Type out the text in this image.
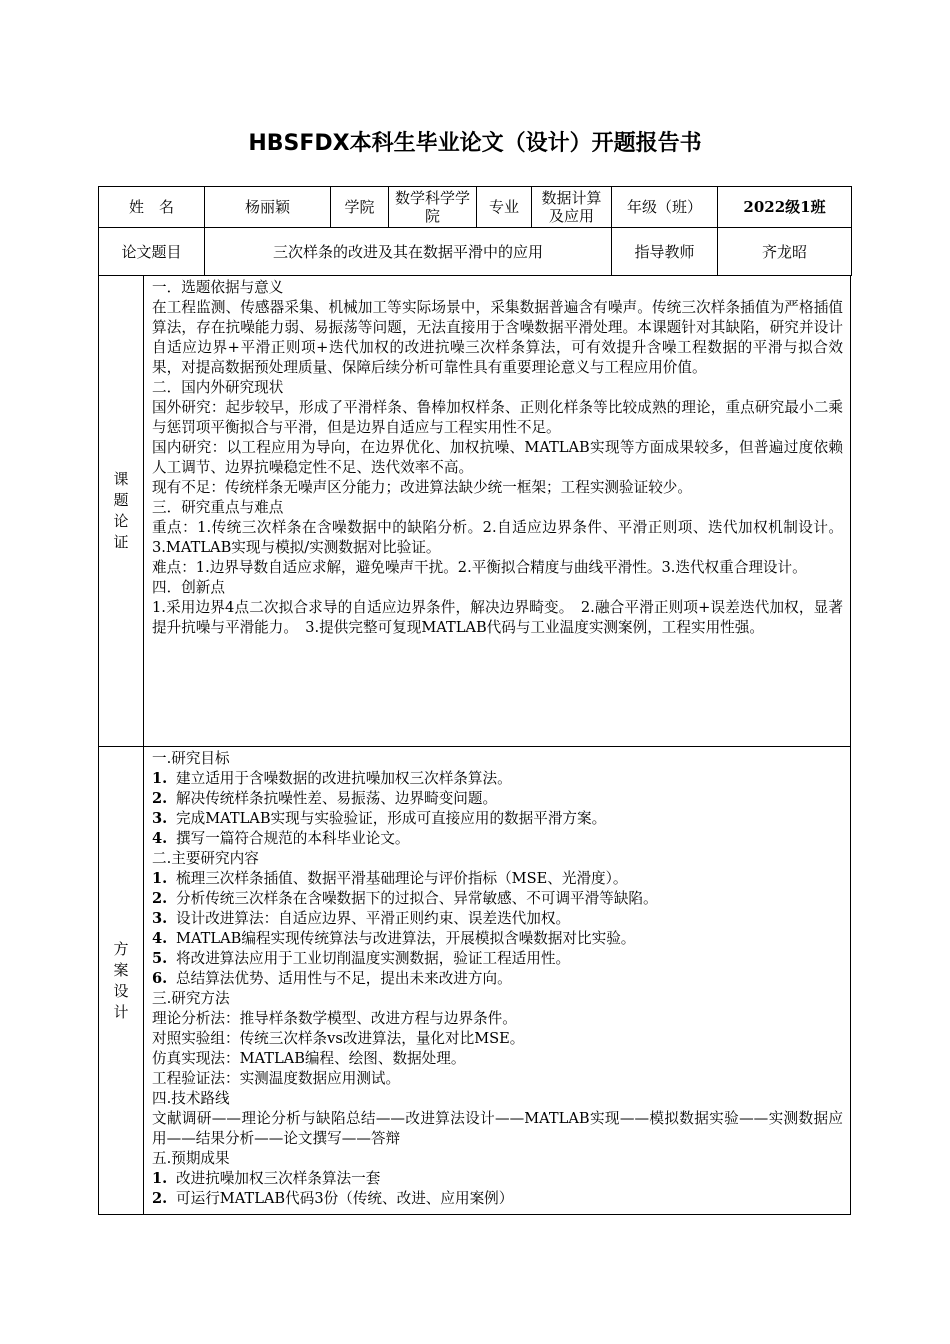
HBSFDX本科生毕业论文（设计）开题报告书
姓　名	杨丽颖	学院	数学科学学院	专业	数据计算及应用	年级（班）	2022级1班
论文题目	三次样条的改进及其在数据平滑中的应用					指导教师	齐龙昭
课
题
论
证

一．选题依据与意义

在工程监测、传感器采集、机械加工等实际场景中，采集数据普遍含有噪声。传统三次样条插值为严格插值算法，存在抗噪能力弱、易振荡等问题，无法直接用于含噪数据平滑处理。本课题针对其缺陷，研究并设计自适应边界+平滑正则项+迭代加权的改进抗噪三次样条算法，可有效提升含噪工程数据的平滑与拟合效果，对提高数据预处理质量、保障后续分析可靠性具有重要理论意义与工程应用价值。

二．国内外研究现状

国外研究：起步较早，形成了平滑样条、鲁棒加权样条、正则化样条等比较成熟的理论，重点研究最小二乘与惩罚项平衡拟合与平滑，但是边界自适应与工程实用性不足。

国内研究：以工程应用为导向，在边界优化、加权抗噪、MATLAB实现等方面成果较多，但普遍过度依赖人工调节、边界抗噪稳定性不足、迭代效率不高。

现有不足：传统样条无噪声区分能力；改进算法缺少统一框架；工程实测验证较少。

三．研究重点与难点

重点：1.传统三次样条在含噪数据中的缺陷分析。2.自适应边界条件、平滑正则项、迭代加权机制设计。3.MATLAB实现与模拟/实测数据对比验证。

难点：1.边界导数自适应求解，避免噪声干扰。2.平衡拟合精度与曲线平滑性。3.迭代权重合理设计。

四．创新点

1.采用边界4点二次拟合求导的自适应边界条件，解决边界畸变。　2.融合平滑正则项+误差迭代加权，显著提升抗噪与平滑能力。　3.提供完整可复现MATLAB代码与工业温度实测案例，工程实用性强。

方
案
设
计

一.研究目标

1. 建立适用于含噪数据的改进抗噪加权三次样条算法。
2. 解决传统样条抗噪性差、易振荡、边界畸变问题。
3. 完成MATLAB实现与实验验证，形成可直接应用的数据平滑方案。
4. 撰写一篇符合规范的本科毕业论文。

二.主要研究内容

1. 梳理三次样条插值、数据平滑基础理论与评价指标（MSE、光滑度）。
2. 分析传统三次样条在含噪数据下的过拟合、异常敏感、不可调平滑等缺陷。
3. 设计改进算法：自适应边界、平滑正则约束、误差迭代加权。
4. MATLAB编程实现传统算法与改进算法，开展模拟含噪数据对比实验。
5. 将改进算法应用于工业切削温度实测数据，验证工程适用性。
6. 总结算法优势、适用性与不足，提出未来改进方向。

三.研究方法

理论分析法：推导样条数学模型、改进方程与边界条件。

对照实验组：传统三次样条vs改进算法，量化对比MSE。

仿真实现法：MATLAB编程、绘图、数据处理。

工程验证法：实测温度数据应用测试。

四.技术路线

文献调研——理论分析与缺陷总结——改进算法设计——MATLAB实现——模拟数据实验——实测数据应用——结果分析——论文撰写——答辩

五.预期成果

1. 改进抗噪加权三次样条算法一套
2. 可运行MATLAB代码3份（传统、改进、应用案例）
